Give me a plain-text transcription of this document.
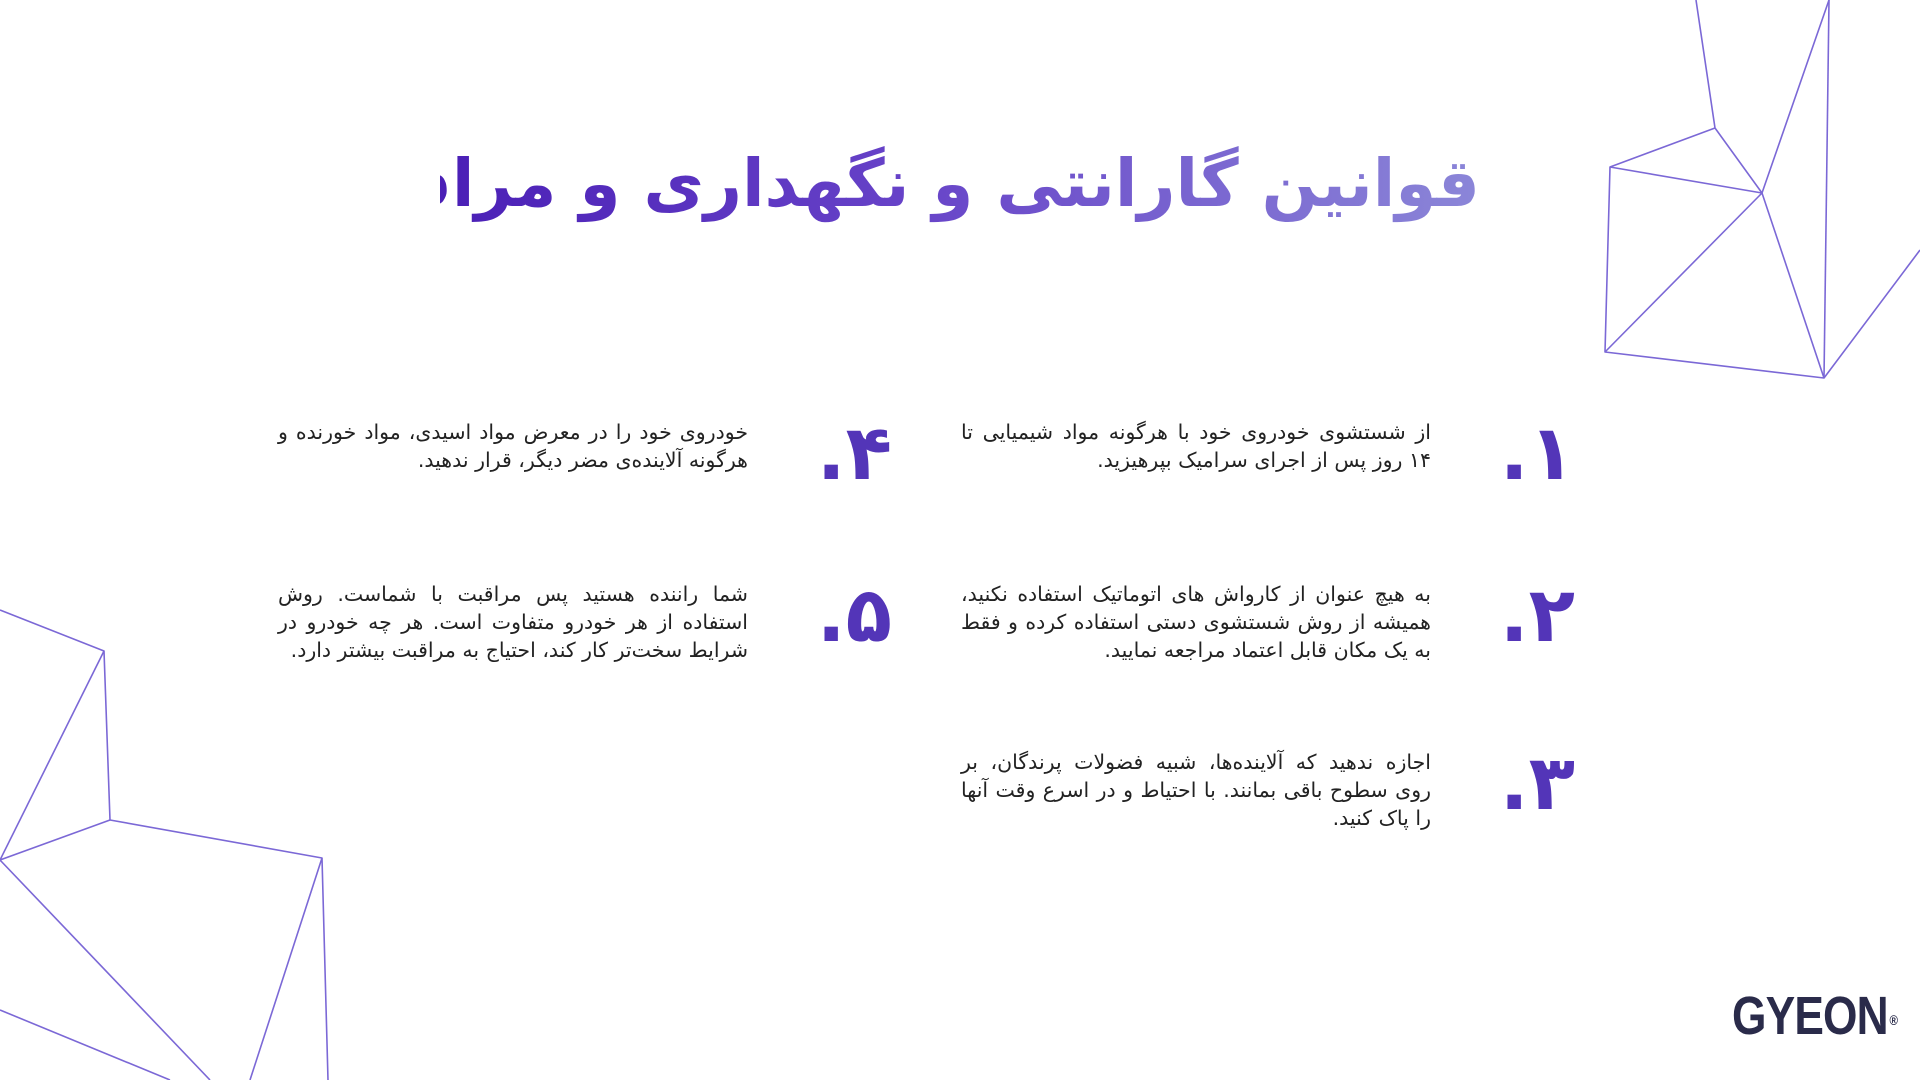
قوانین گارانتی و نگهداری و مراقبت
۱.

از شستشوی خودروی خود با هرگونه مواد شیمیایی تا ۱۴ روز پس از اجرای سرامیک بپرهیزید.

۲.

به هیچ عنوان از کارواش های اتوماتیک استفاده نکنید، همیشه از روش شستشوی دستی استفاده کرده و فقط به یک مکان قابل اعتماد مراجعه نمایید.

۳.

اجازه ندهید که آلاینده‌ها، شبیه فضولات پرندگان، بر روی سطوح باقی بمانند. با احتیاط و در اسرع وقت آنها را پاک کنید.

۴.

خودروی خود را در معرض مواد اسیدی، مواد خورنده و هرگونه آلاینده‌ی مضر دیگر، قرار ندهید.

۵.

شما راننده هستید پس مراقبت با شماست. روش استفاده از هر خودرو متفاوت است. هر چه خودرو در شرایط سخت‌تر کار کند، احتیاج به مراقبت بیشتر دارد.

GYEON ®
